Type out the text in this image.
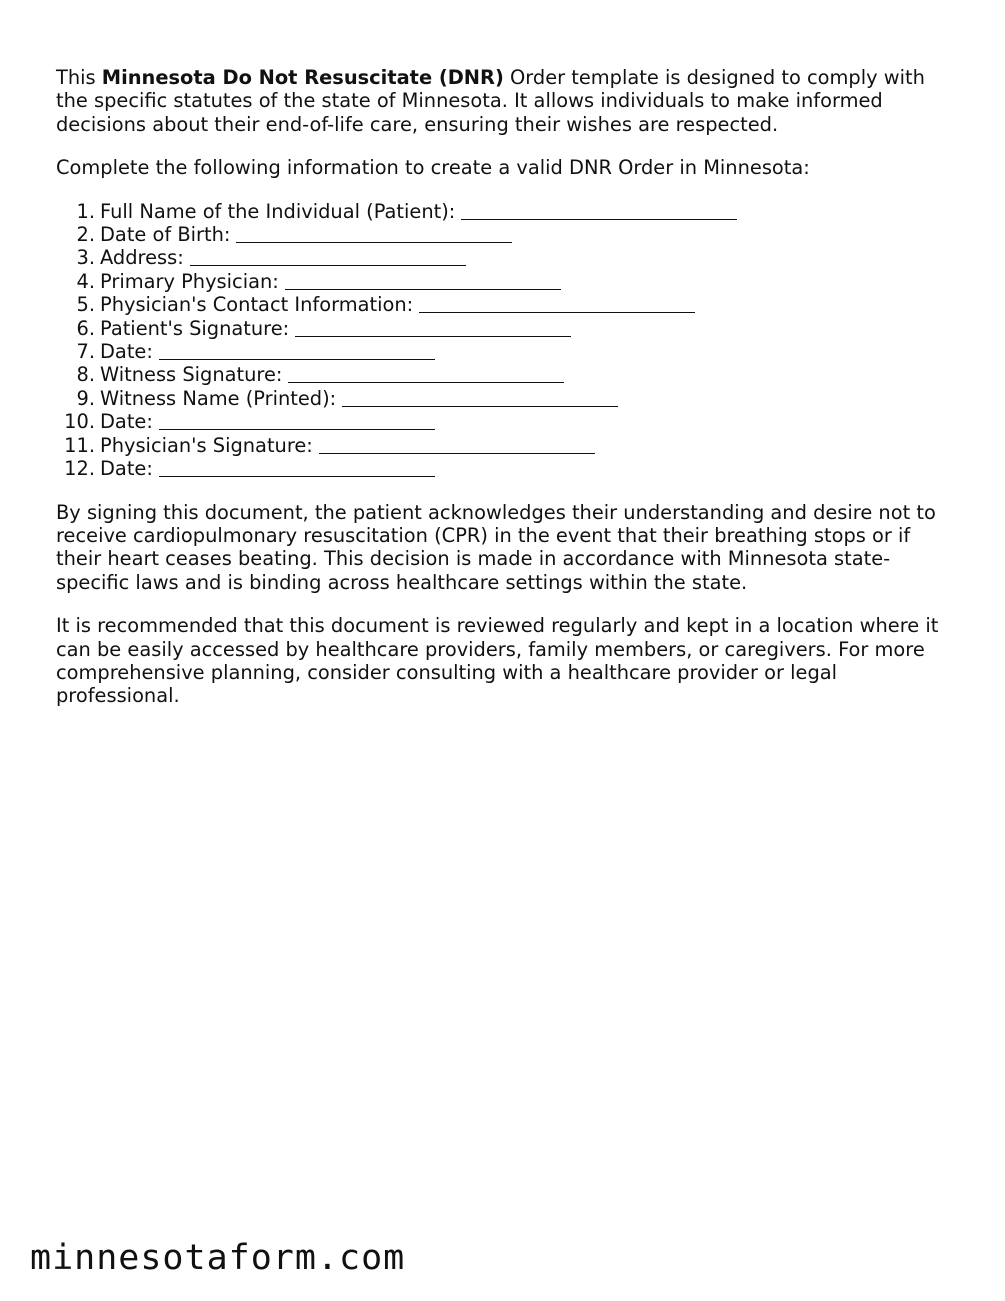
This Minnesota Do Not Resuscitate (DNR) Order template is designed to comply with the specific statutes of the state of Minnesota. It allows individuals to make informed decisions about their end-of-life care, ensuring their wishes are respected.

Complete the following information to create a valid DNR Order in Minnesota:

1. Full Name of the Individual (Patient):
2. Date of Birth:
3. Address:
4. Primary Physician:
5. Physician's Contact Information:
6. Patient's Signature:
7. Date:
8. Witness Signature:
9. Witness Name (Printed):
10. Date:
11. Physician's Signature:
12. Date:

By signing this document, the patient acknowledges their understanding and desire not to receive cardiopulmonary resuscitation (CPR) in the event that their breathing stops or if their heart ceases beating. This decision is made in accordance with Minnesota state-specific laws and is binding across healthcare settings within the state.

It is recommended that this document is reviewed regularly and kept in a location where it can be easily accessed by healthcare providers, family members, or caregivers. For more comprehensive planning, consider consulting with a healthcare provider or legal professional.

minnesotaform.com
